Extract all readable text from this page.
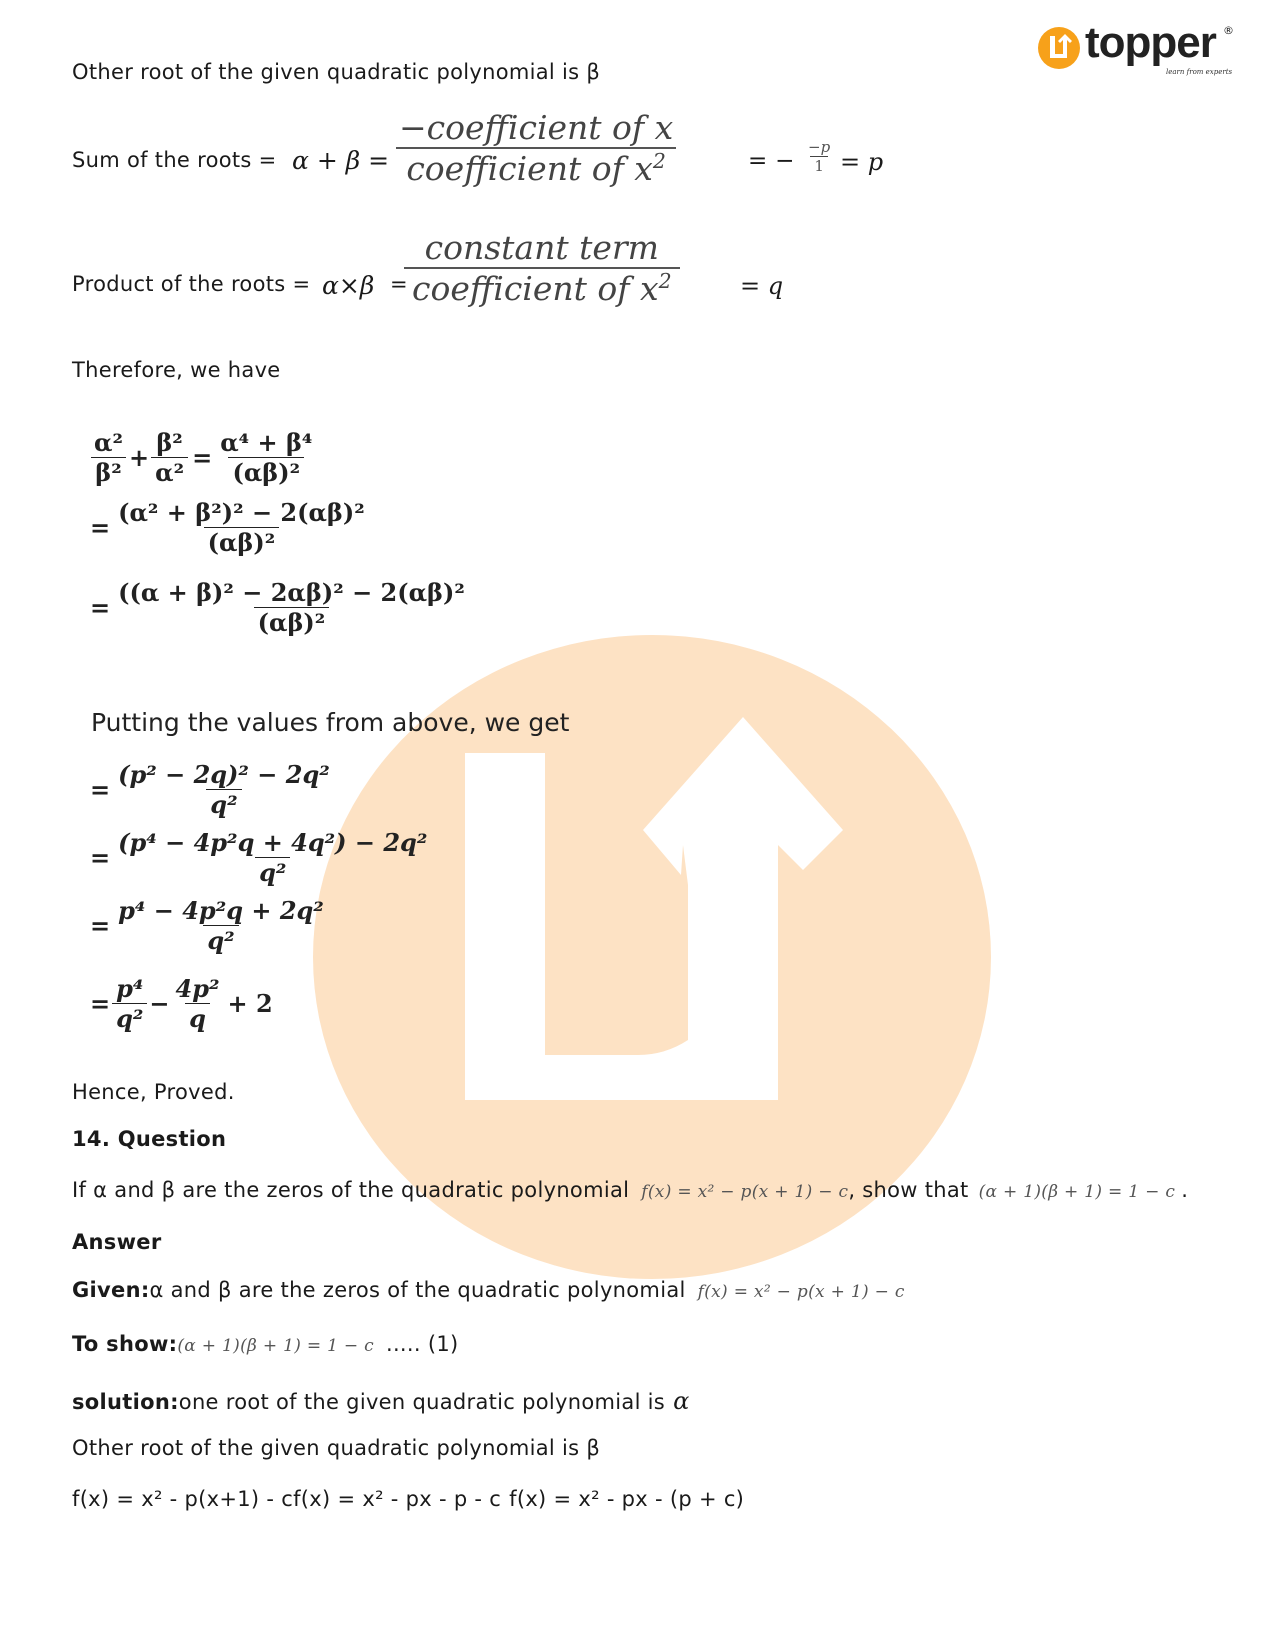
topper ®
learn from experts
Other root of the given quadratic polynomial is β
Sum of the roots = α + β =
−coefficient of x
coefficient of $x^2$	= − $\frac{-p}{1} = p$
Product of the roots = α×β =
constant term
coefficient of $x^2$	= q
Therefore, we have
$\frac{\text{α²}}{\text{β²}} + \frac{\text{β²}}{\text{α²}} = \frac{\text{α⁴ + β⁴}}{\text{(αβ)²}}$
= $\frac{\text{(α² + β²)² − 2(αβ)²}}{\text{(αβ)²}}$
= $\frac{\text{((α + β)² − 2αβ)² − 2(αβ)²}}{\text{(αβ)²}}$
Putting the values from above, we get
= $\frac{\text{(p² − 2q)² − 2q²}}{\text{q²}}$
= $\frac{\text{(p⁴ − 4p²q + 4q²) − 2q²}}{\text{q²}}$
= $\frac{\text{p⁴ − 4p²q + 2q²}}{\text{q²}}$
= $\frac{\text{p⁴}}{\text{q²}} - \frac{\text{4p²}}{q} + 2$
Hence, Proved.
14. Question
If α and β are the zeros of the quadratic polynomial f(x) = x² − p(x + 1) − c , show that (α + 1)(β + 1) = 1 − c .
Answer
Given: α and β are the zeros of the quadratic polynomial f(x) = x² − p(x + 1) − c
To show: (α + 1)(β + 1) = 1 − c ..... (1)
solution: one root of the given quadratic polynomial is α
Other root of the given quadratic polynomial is β
f(x) = x² - p(x+1) - c f(x) = x² - px - p - c f(x) = x² - px - (p + c)
